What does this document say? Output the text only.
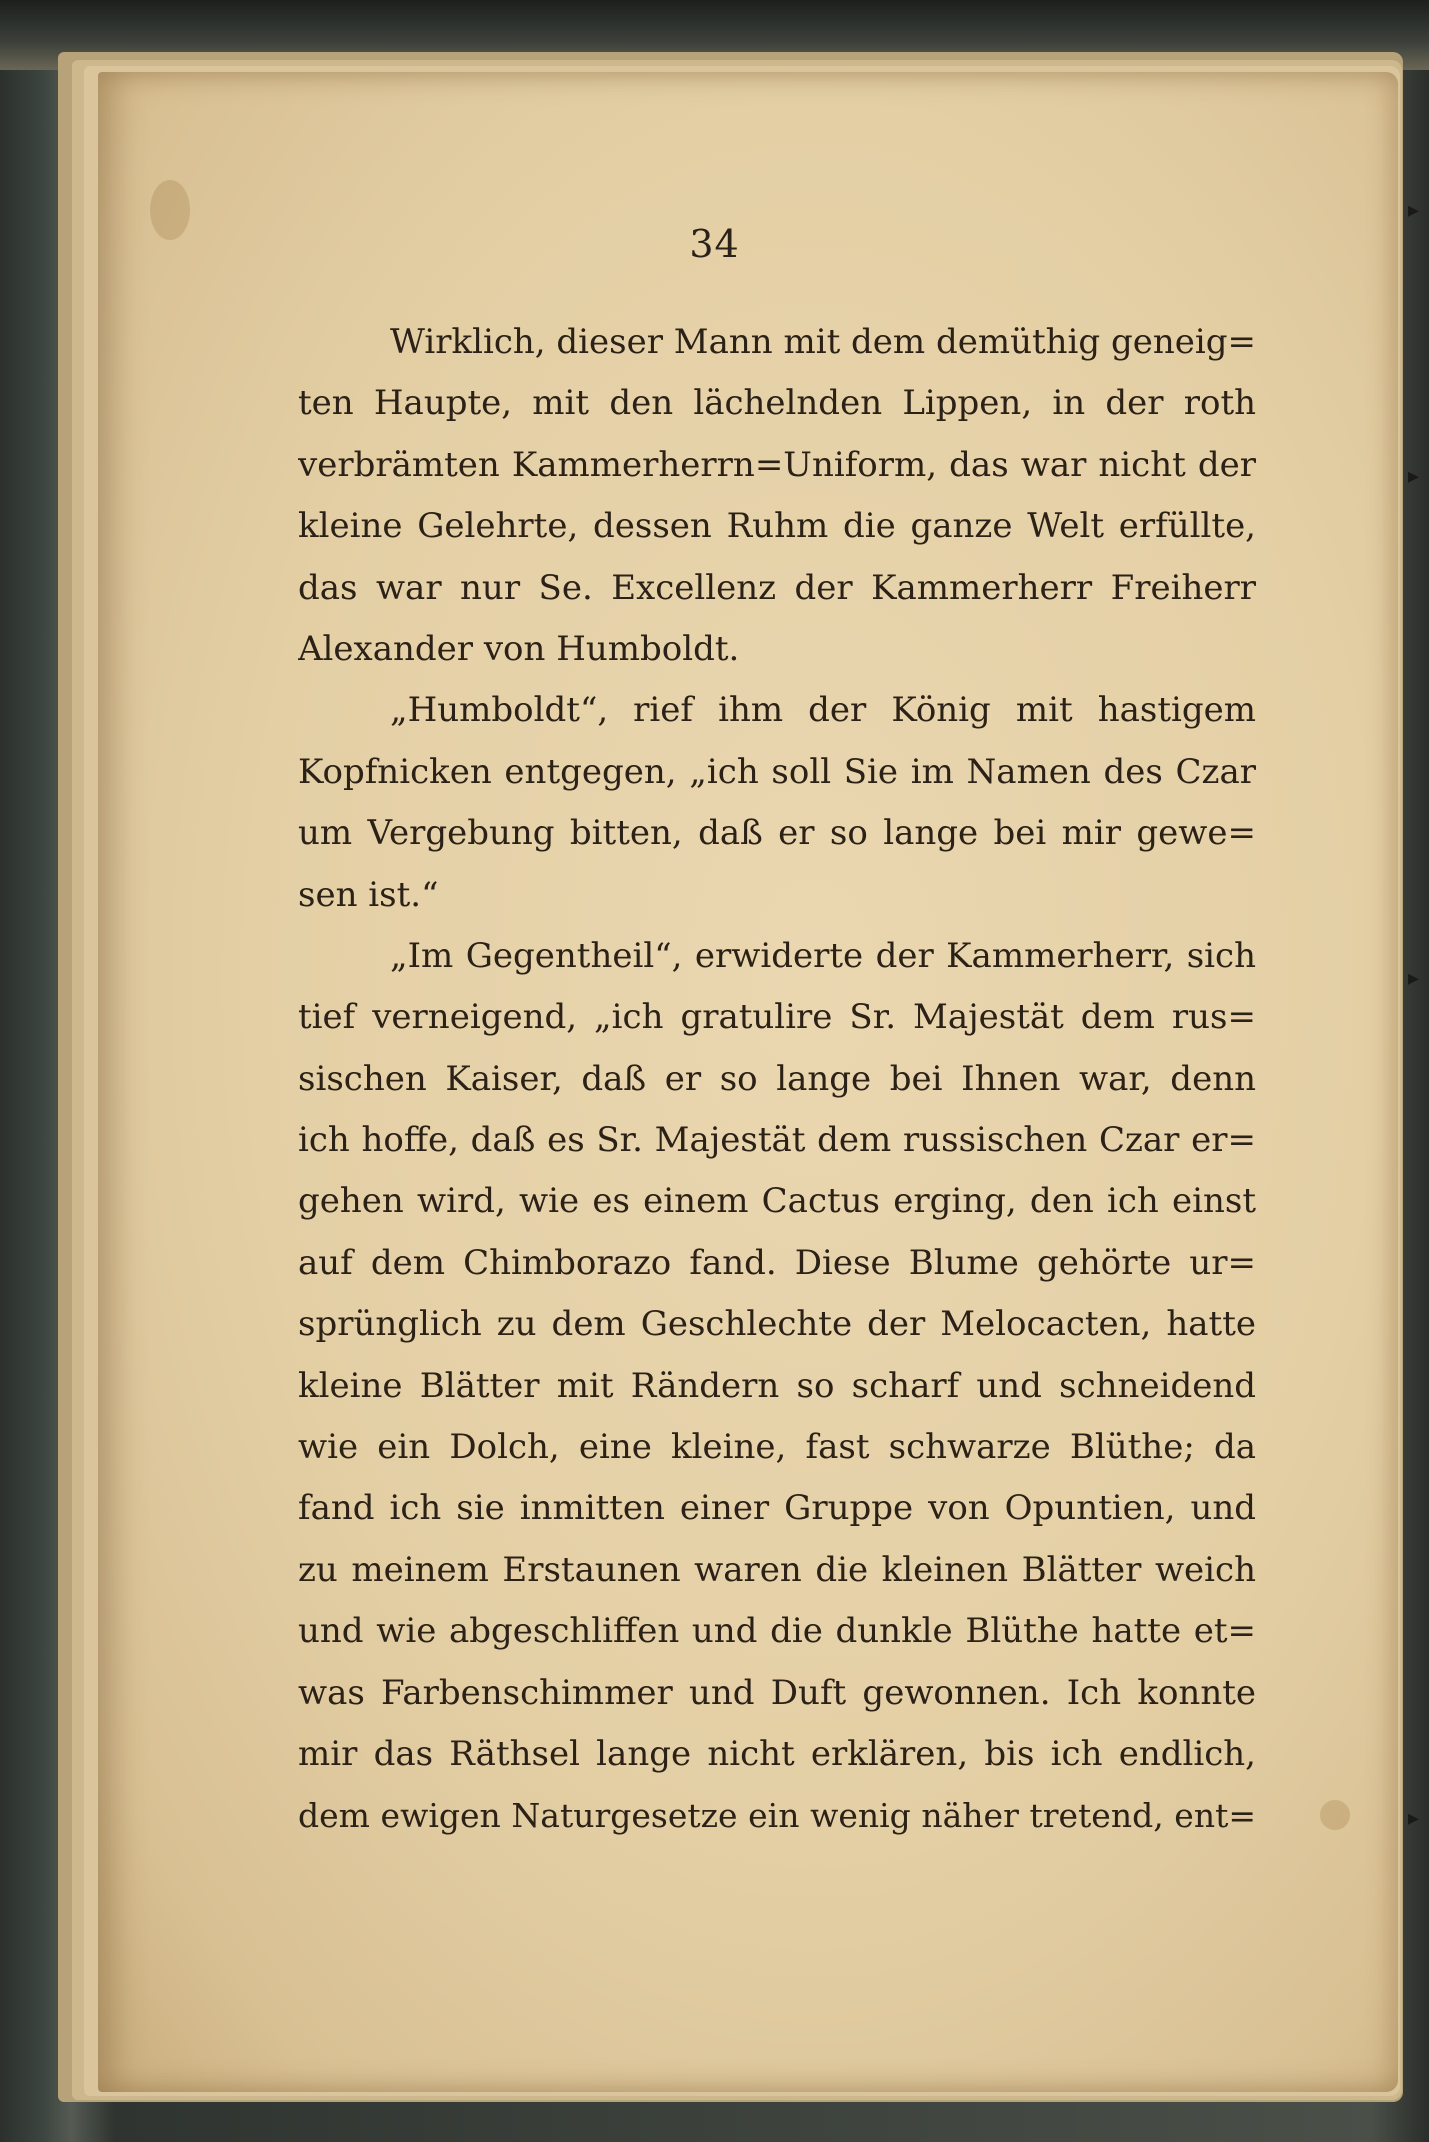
▸
▸
▸
▸
34
Wirklich, dieser Mann mit dem demüthig geneig=
ten Haupte, mit den lächelnden Lippen, in der roth
verbrämten Kammerherrn=Uniform, das war nicht der
kleine Gelehrte, dessen Ruhm die ganze Welt erfüllte,
das war nur Se. Excellenz der Kammerherr Freiherr
Alexander von Humboldt.
„Humboldt“, rief ihm der König mit hastigem
Kopfnicken entgegen, „ich soll Sie im Namen des Czar
um Vergebung bitten, daß er so lange bei mir gewe=
sen ist.“
„Im Gegentheil“, erwiderte der Kammerherr, sich
tief verneigend, „ich gratulire Sr. Majestät dem rus=
sischen Kaiser, daß er so lange bei Ihnen war, denn
ich hoffe, daß es Sr. Majestät dem russischen Czar er=
gehen wird, wie es einem Cactus erging, den ich einst
auf dem Chimborazo fand. Diese Blume gehörte ur=
sprünglich zu dem Geschlechte der Melocacten, hatte
kleine Blätter mit Rändern so scharf und schneidend
wie ein Dolch, eine kleine, fast schwarze Blüthe; da
fand ich sie inmitten einer Gruppe von Opuntien, und
zu meinem Erstaunen waren die kleinen Blätter weich
und wie abgeschliffen und die dunkle Blüthe hatte et=
was Farbenschimmer und Duft gewonnen. Ich konnte
mir das Räthsel lange nicht erklären, bis ich endlich,
dem ewigen Naturgesetze ein wenig näher tretend, ent=
